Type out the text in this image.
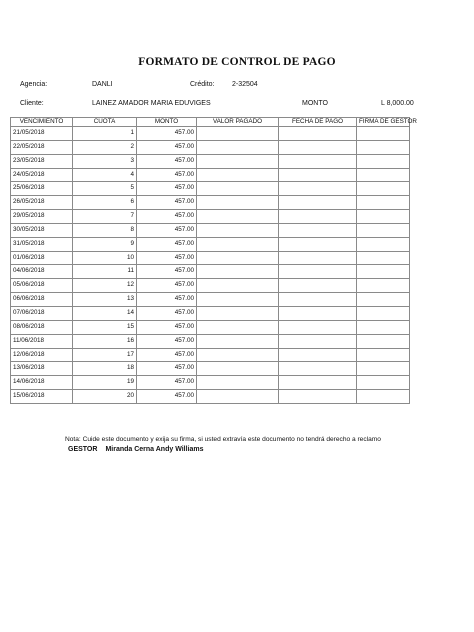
FORMATO DE CONTROL DE PAGO
Agencia:	DANLI	Crédito: 2-32504
Cliente:	LAINEZ AMADOR MARIA EDUVIGES	MONTO	L 8,000.00
VENCIMIENTO	CUOTA	MONTO	VALOR PAGADO	FECHA DE PAGO	FIRMA DE GESTOR
21/05/2018	1	457.00			
22/05/2018	2	457.00			
23/05/2018	3	457.00			
24/05/2018	4	457.00			
25/06/2018	5	457.00			
26/05/2018	6	457.00			
29/05/2018	7	457.00			
30/05/2018	8	457.00			
31/05/2018	9	457.00			
01/06/2018	10	457.00			
04/06/2018	11	457.00			
05/06/2018	12	457.00			
06/06/2018	13	457.00			
07/06/2018	14	457.00			
08/06/2018	15	457.00			
11/06/2018	16	457.00			
12/06/2018	17	457.00			
13/06/2018	18	457.00			
14/06/2018	19	457.00			
15/06/2018	20	457.00			
Nota: Cuide este documento y exija su firma, si usted extravía este documento no tendrá derecho a reclamo
GESTOR Miranda Cerna Andy Williams
